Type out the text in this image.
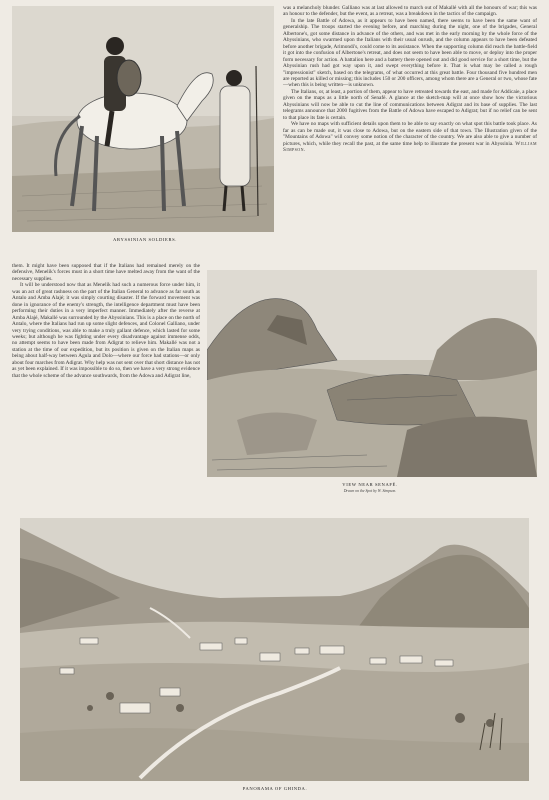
ABYSSINIAN SOLDIERS.

was a melancholy blunder. Galliano was at last allowed to march out of Makallé with all the honours of war; this was an honour to the defender, but the event, as a retreat, was a breakdown in the tactics of the campaign.

In the late Battle of Adowa, as it appears to have been named, there seems to have been the same want of generalship. The troops started the evening before, and marching during the night, one of the brigades, General Albertone's, got some distance in advance of the others, and was met in the early morning by the whole force of the Abyssinians, who swarmed upon the Italians with their usual onrush, and the column appears to have been defeated before another brigade, Arimondi's, could come to its assistance. When the supporting column did reach the battle-field it got into the confusion of Albertone's retreat, and does not seem to have been able to move, or deploy into the proper form necessary for action. A battalion here and a battery there opened out and did good service for a short time, but the Abyssinian rush had got way upon it, and swept everything before it. That is what may be called a rough "impressionist" sketch, based on the telegrams, of what occurred at this great battle. Four thousand five hundred men are reported as killed or missing; this includes 150 or 200 officers, among whom there are a General or two, whose fate—when this is being written—is unknown.

The Italians, or, at least, a portion of them, appear to have retreated towards the east, and made for Addicaie, a place given on the maps as a little north of Senafé. A glance at the sketch-map will at once show how the victorious Abyssinians will now be able to cut the line of communications between Adigrat and its base of supplies. The last telegrams announce that 2000 fugitives from the Battle of Adowa have escaped to Adigrat; but if no relief can be sent to that place its fate is certain.

We have no maps with sufficient details upon them to be able to say exactly on what spot this battle took place. As far as can be made out, it was close to Adowa, but on the eastern side of that town. The Illustration given of the "Mountains of Adowa" will convey some notion of the character of the country. We are also able to give a number of pictures, which, while they recall the past, at the same time help to illustrate the present war in Abyssinia. William Simpson.

them. It might have been supposed that if the Italians had remained merely on the defensive, Menelik's forces must in a short time have melted away from the want of the necessary supplies.

It will be understood now that as Menelik had such a numerous force under him, it was an act of great rashness on the part of the Italian General to advance as far south as Antalo and Amba Alajé; it was simply courting disaster. If the forward movement was done in ignorance of the enemy's strength, the intelligence department must have been performing their duties in a very imperfect manner. Immediately after the reverse at Amba Alajé, Makallé was surrounded by the Abyssinians. This is a place on the north of Antalo, where the Italians had run up some slight defences, and Colonel Galliano, under very trying conditions, was able to make a truly gallant defence, which lasted for some weeks; but although he was fighting under every disadvantage against immense odds, no attempt seems to have been made from Adigrat to relieve him. Makallé was not a station at the time of our expedition, but its position is given on the Italian maps as being about half-way between Agula and Dolo—where our force had stations—or only about four marches from Adigrat. Why help was not sent over that short distance has not as yet been explained. If it was impossible to do so, then we have a very strong evidence that the whole scheme of the advance southwards, from the Adowa and Adigrat line,

VIEW NEAR SENAFÉ.
Drawn on the Spot by W. Simpson.
PANORAMA OF GHINDA.
